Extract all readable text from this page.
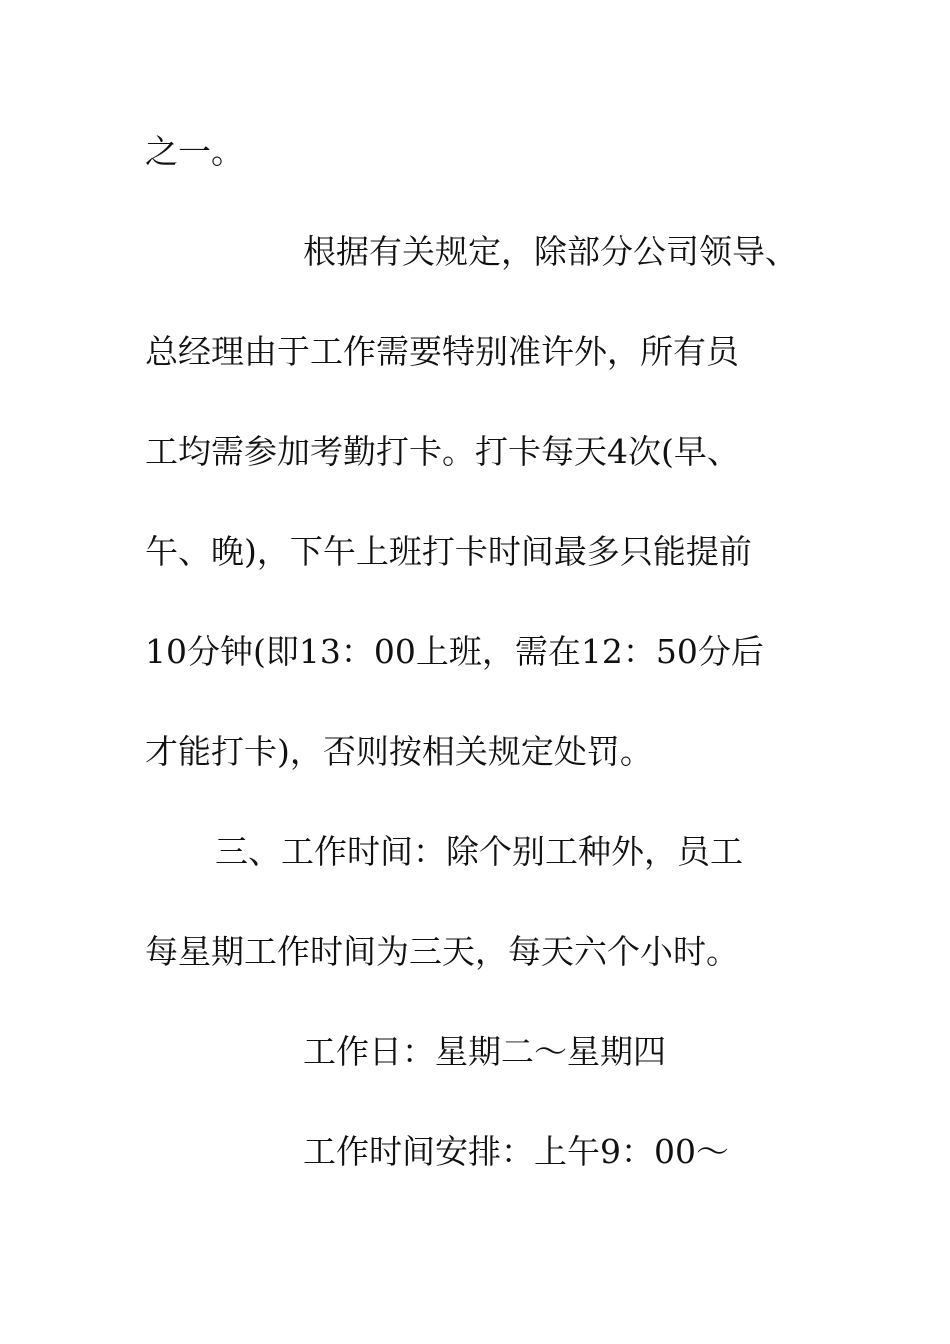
之一。

根据有关规定，除部分公司领导、

总经理由于工作需要特别准许外，所有员

工均需参加考勤打卡。打卡每天4次(早、

午、晚)，下午上班打卡时间最多只能提前

10分钟(即13：00上班，需在12：50分后

才能打卡)，否则按相关规定处罚。

三、工作时间：除个别工种外，员工

每星期工作时间为三天，每天六个小时。

工作日：星期二～星期四

工作时间安排：上午9：00～
